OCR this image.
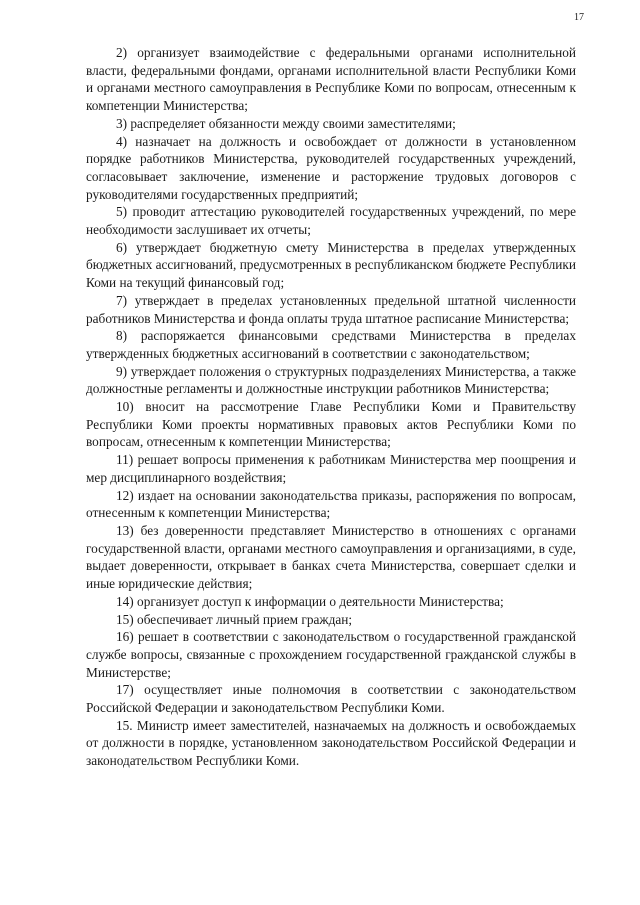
17

2) организует взаимодействие с федеральными органами исполнительной власти, федеральными фондами, органами исполнительной власти Республики Коми и органами местного самоуправления в Республике Коми по вопросам, отнесенным к компетенции Министерства;

3) распределяет обязанности между своими заместителями;

4) назначает на должность и освобождает от должности в установленном порядке работников Министерства, руководителей государственных учреждений, согласовывает заключение, изменение и расторжение трудовых договоров с руководителями государственных предприятий;

5) проводит аттестацию руководителей государственных учреждений, по мере необходимости заслушивает их отчеты;

6) утверждает бюджетную смету Министерства в пределах утвержденных бюджетных ассигнований, предусмотренных в республиканском бюджете Республики Коми на текущий финансовый год;

7) утверждает в пределах установленных предельной штатной численности работников Министерства и фонда оплаты труда штатное расписание Министерства;

8) распоряжается финансовыми средствами Министерства в пределах утвержденных бюджетных ассигнований в соответствии с законодательством;

9) утверждает положения о структурных подразделениях Министерства, а также должностные регламенты и должностные инструкции работников Министерства;

10) вносит на рассмотрение Главе Республики Коми и Правительству Республики Коми проекты нормативных правовых актов Республики Коми по вопросам, отнесенным к компетенции Министерства;

11) решает вопросы применения к работникам Министерства мер поощрения и мер дисциплинарного воздействия;

12) издает на основании законодательства приказы, распоряжения по вопросам, отнесенным к компетенции Министерства;

13) без доверенности представляет Министерство в отношениях с органами государственной власти, органами местного самоуправления и организациями, в суде, выдает доверенности, открывает в банках счета Министерства, совершает сделки и иные юридические действия;

14) организует доступ к информации о деятельности Министерства;

15) обеспечивает личный прием граждан;

16) решает в соответствии с законодательством о государственной гражданской службе вопросы, связанные с прохождением государственной гражданской службы в Министерстве;

17) осуществляет иные полномочия в соответствии с законодательством Российской Федерации и законодательством Республики Коми.

15. Министр имеет заместителей, назначаемых на должность и освобождаемых от должности в порядке, установленном законодательством Российской Федерации и законодательством Республики Коми.
